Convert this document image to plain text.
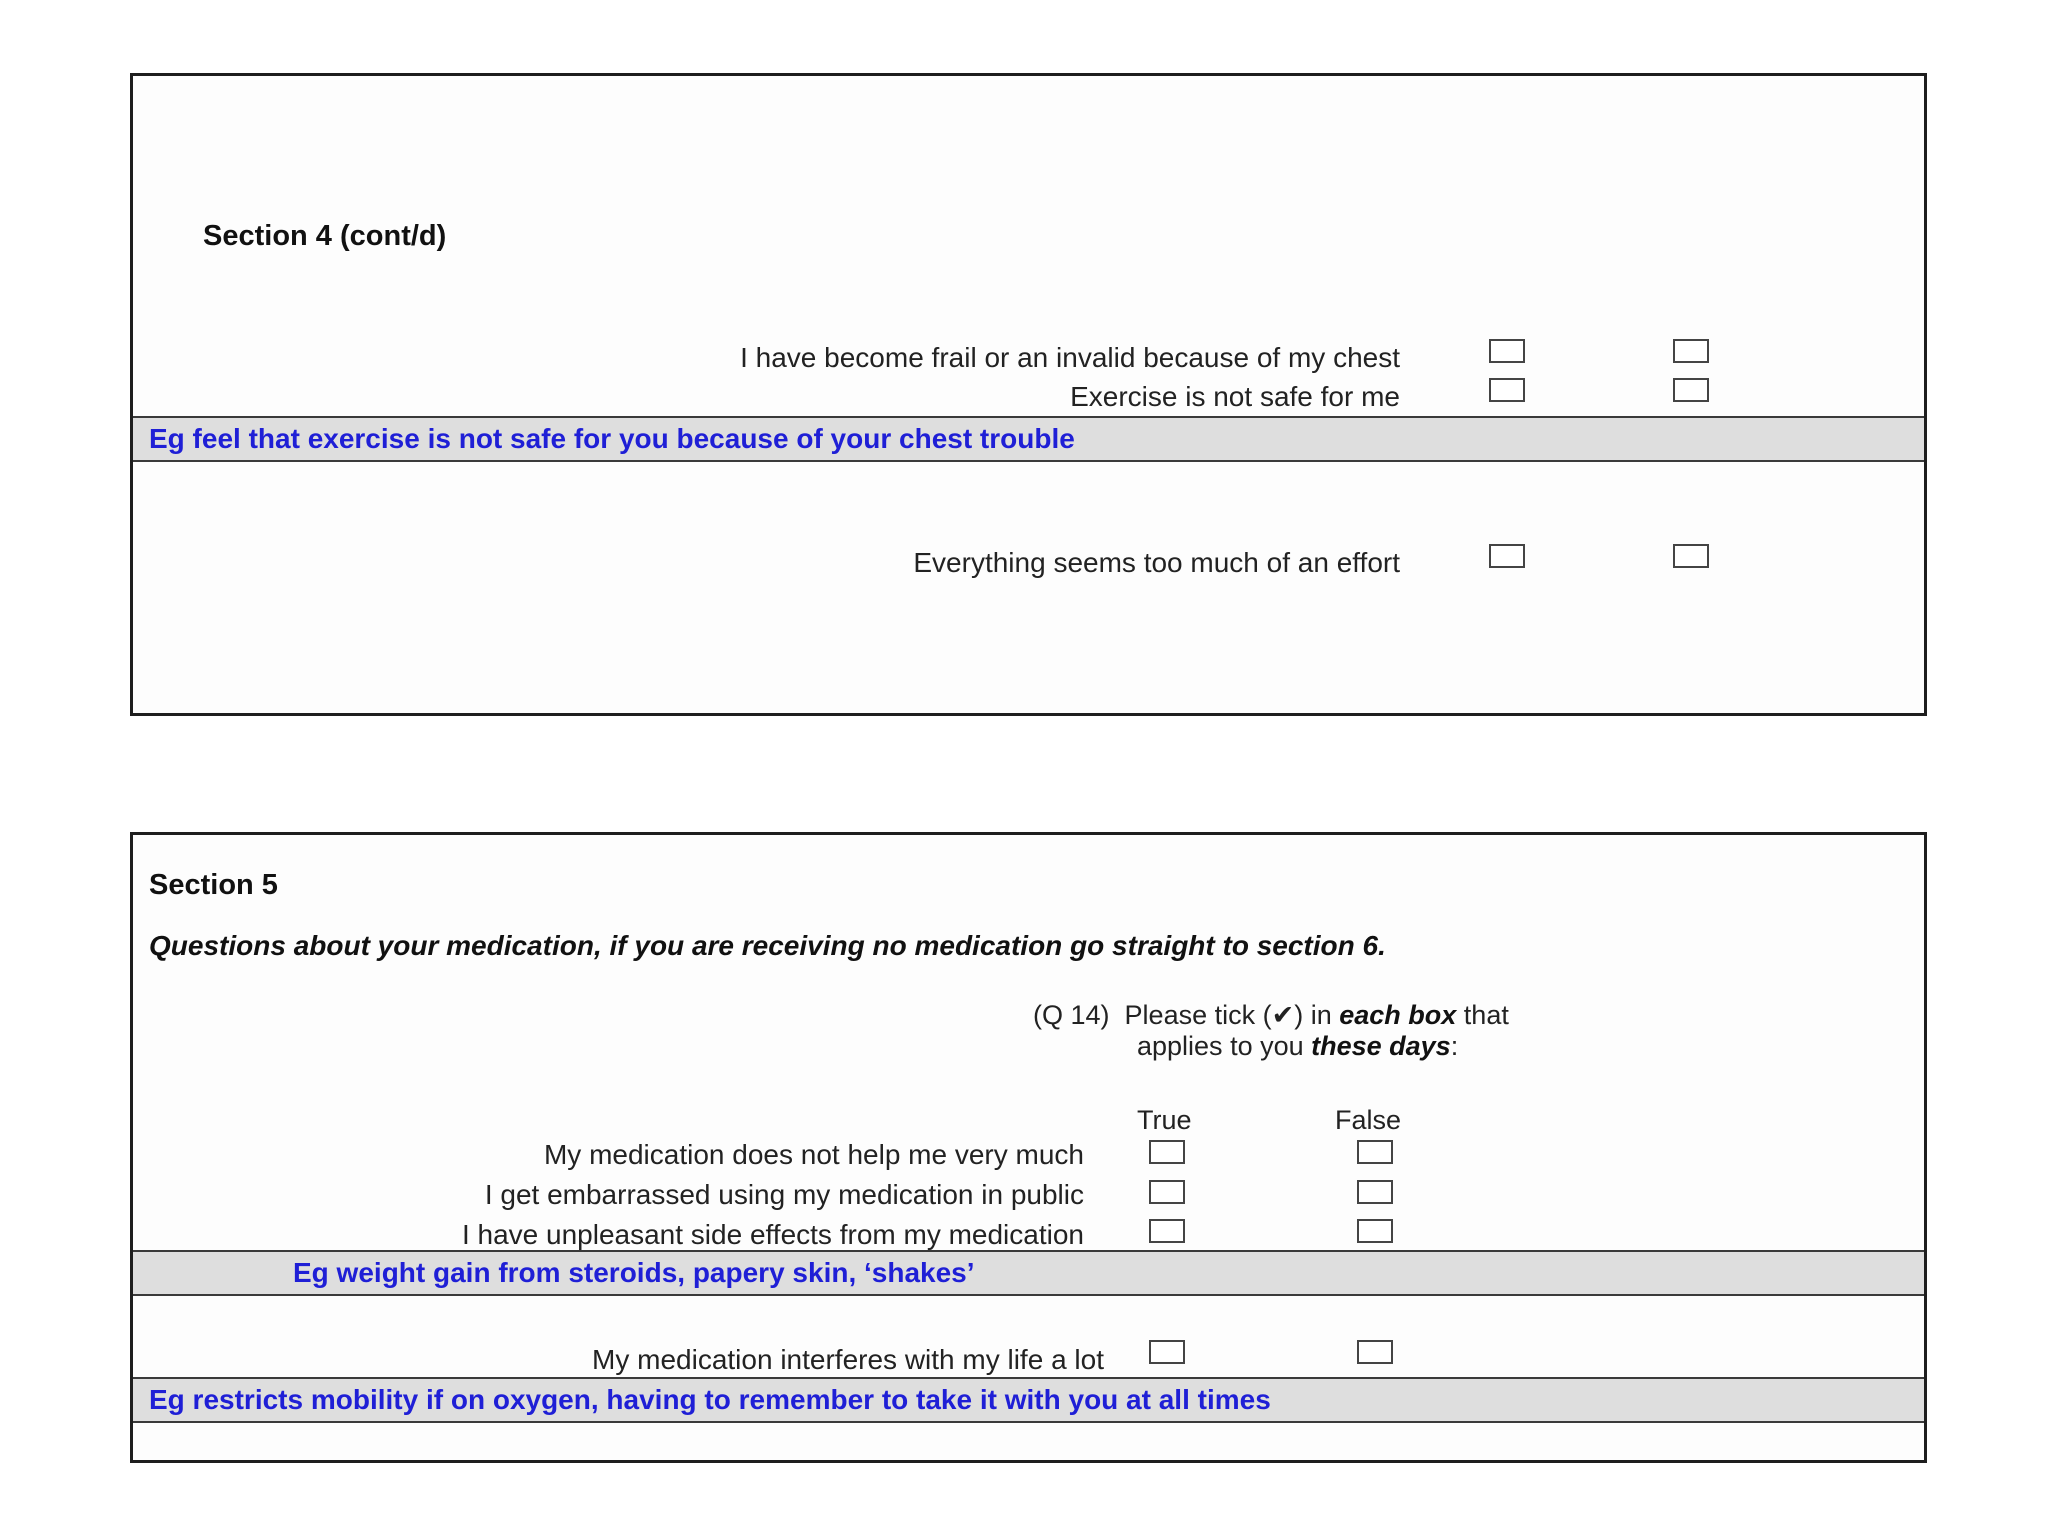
Section 4 (cont/d)
I have become frail or an invalid because of my chest
Exercise is not safe for me
Eg feel that exercise is not safe for you because of your chest trouble
Everything seems too much of an effort
Section 5
Questions about your medication, if you are receiving no medication go straight to section 6.
(Q 14) Please tick (✔) in each box that
applies to you these days:
True	False
My medication does not help me very much
I get embarrassed using my medication in public
I have unpleasant side effects from my medication
Eg weight gain from steroids, papery skin, ‘shakes’
My medication interferes with my life a lot
Eg restricts mobility if on oxygen, having to remember to take it with you at all times
